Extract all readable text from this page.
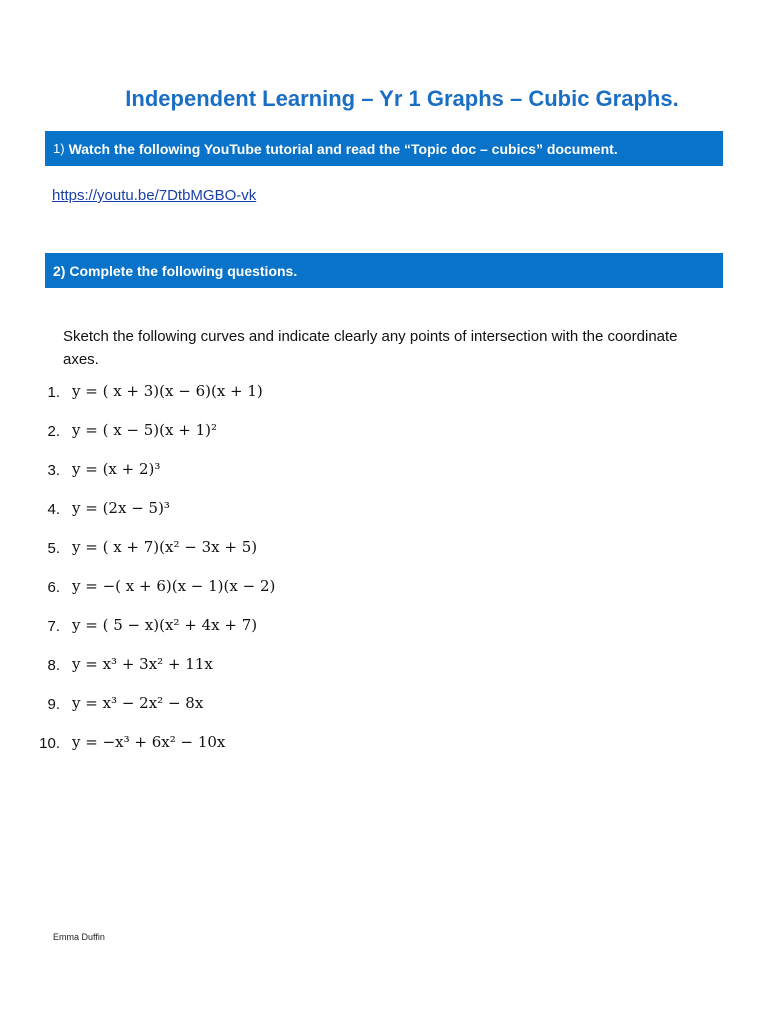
Independent Learning – Yr 1 Graphs – Cubic Graphs.
1) Watch the following YouTube tutorial and read the “Topic doc – cubics” document.
https://youtu.be/7DtbMGBO-vk
2) Complete the following questions.
Sketch the following curves and indicate clearly any points of intersection with the coordinate axes.
1. y = ( x + 3)(x − 6)(x + 1)
2. y = ( x − 5)(x + 1)²
3. y = (x + 2)³
4. y = (2x − 5)³
5. y = ( x + 7)(x² − 3x + 5)
6. y = −( x + 6)(x − 1)(x − 2)
7. y = ( 5 − x)(x² + 4x + 7)
8. y = x³ + 3x² + 11x
9. y = x³ − 2x² − 8x
10. y = −x³ + 6x² − 10x
Emma Duffin
